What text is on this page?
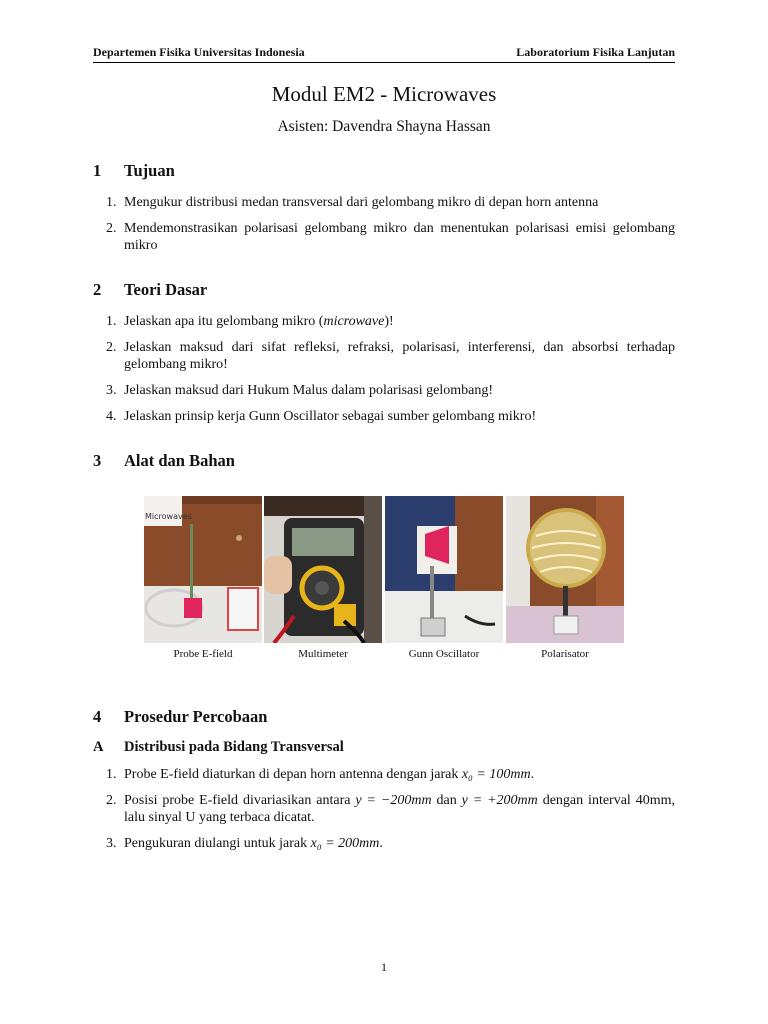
Departemen Fisika Universitas Indonesia	Laboratorium Fisika Lanjutan
Modul EM2 - Microwaves
Asisten: Davendra Shayna Hassan
1 Tujuan
1. Mengukur distribusi medan transversal dari gelombang mikro di depan horn antenna
2. Mendemonstrasikan polarisasi gelombang mikro dan menentukan polarisasi emisi gelombang mikro
2 Teori Dasar
1. Jelaskan apa itu gelombang mikro (microwave)!
2. Jelaskan maksud dari sifat refleksi, refraksi, polarisasi, interferensi, dan absorbsi terhadap gelombang mikro!
3. Jelaskan maksud dari Hukum Malus dalam polarisasi gelombang!
4. Jelaskan prinsip kerja Gunn Oscillator sebagai sumber gelombang mikro!
3 Alat dan Bahan
Microwaves
Probe E-field	Multimeter	Gunn Oscillator	Polarisator
4 Prosedur Percobaan
A Distribusi pada Bidang Transversal
1. Probe E-field diaturkan di depan horn antenna dengan jarak x₀ = 100mm.
2. Posisi probe E-field divariasikan antara y = −200mm dan y = +200mm dengan interval 40mm, lalu sinyal U yang terbaca dicatat.
3. Pengukuran diulangi untuk jarak x₀ = 200mm.
1
